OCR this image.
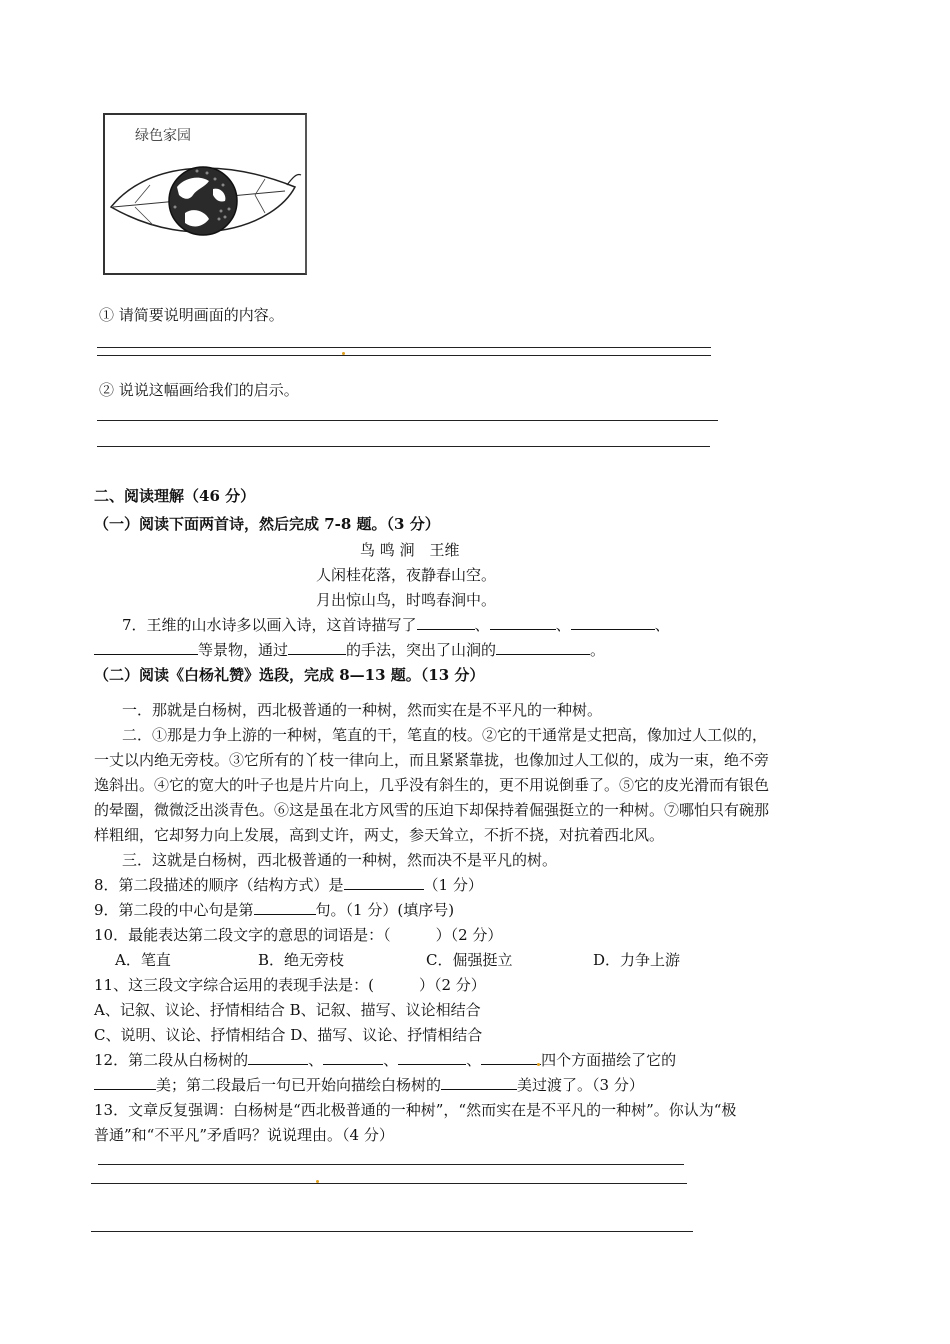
绿色家园
① 请简要说明画面的内容。
② 说说这幅画给我们的启示。
二、阅读理解（46 分）
（一）阅读下面两首诗，然后完成 7-8 题。（3 分）
鸟 鸣 涧　王维
人闲桂花落，夜静春山空。
月出惊山鸟，时鸣春涧中。
7．王维的山水诗多以画入诗，这首诗描写了	、	、	、
等景物，通过	的手法，突出了山涧的	。
（二）阅读《白杨礼赞》选段，完成 8—13 题。（13 分）
一．那就是白杨树，西北极普通的一种树，然而实在是不平凡的一种树。
二．①那是力争上游的一种树，笔直的干，笔直的枝。②它的干通常是丈把高，像加过人工似的，
一丈以内绝无旁枝。③它所有的丫枝一律向上，而且紧紧靠拢，也像加过人工似的，成为一束，绝不旁
逸斜出。④它的宽大的叶子也是片片向上，几乎没有斜生的，更不用说倒垂了。⑤它的皮光滑而有银色
的晕圈，微微泛出淡青色。⑥这是虽在北方风雪的压迫下却保持着倔强挺立的一种树。⑦哪怕只有碗那
样粗细，它却努力向上发展，高到丈许，两丈，参天耸立，不折不挠，对抗着西北风。
三．这就是白杨树，西北极普通的一种树，然而决不是平凡的树。
8．第二段描述的顺序（结构方式）是	（1 分）
9．第二段的中心句是第	句。（1 分）(填序号)
10．最能表达第二段文字的意思的词语是：（　　　）（2 分）
A．笔直	B．绝无旁枝	C．倔强挺立	D．力争上游
11、这三段文字综合运用的表现手法是：(　　　）（2 分）
A、记叙、议论、抒情相结合 B、记叙、描写、议论相结合
C、说明、议论、抒情相结合 D、描写、议论、抒情相结合
12．第二段从白杨树的	、	、	、	四个方面描绘了它的
美；第二段最后一句已开始向描绘白杨树的	美过渡了。（3 分）
13．文章反复强调：白杨树是“西北极普通的一种树”，“然而实在是不平凡的一种树”。你认为“极
普通”和“不平凡”矛盾吗？说说理由。（4 分）
